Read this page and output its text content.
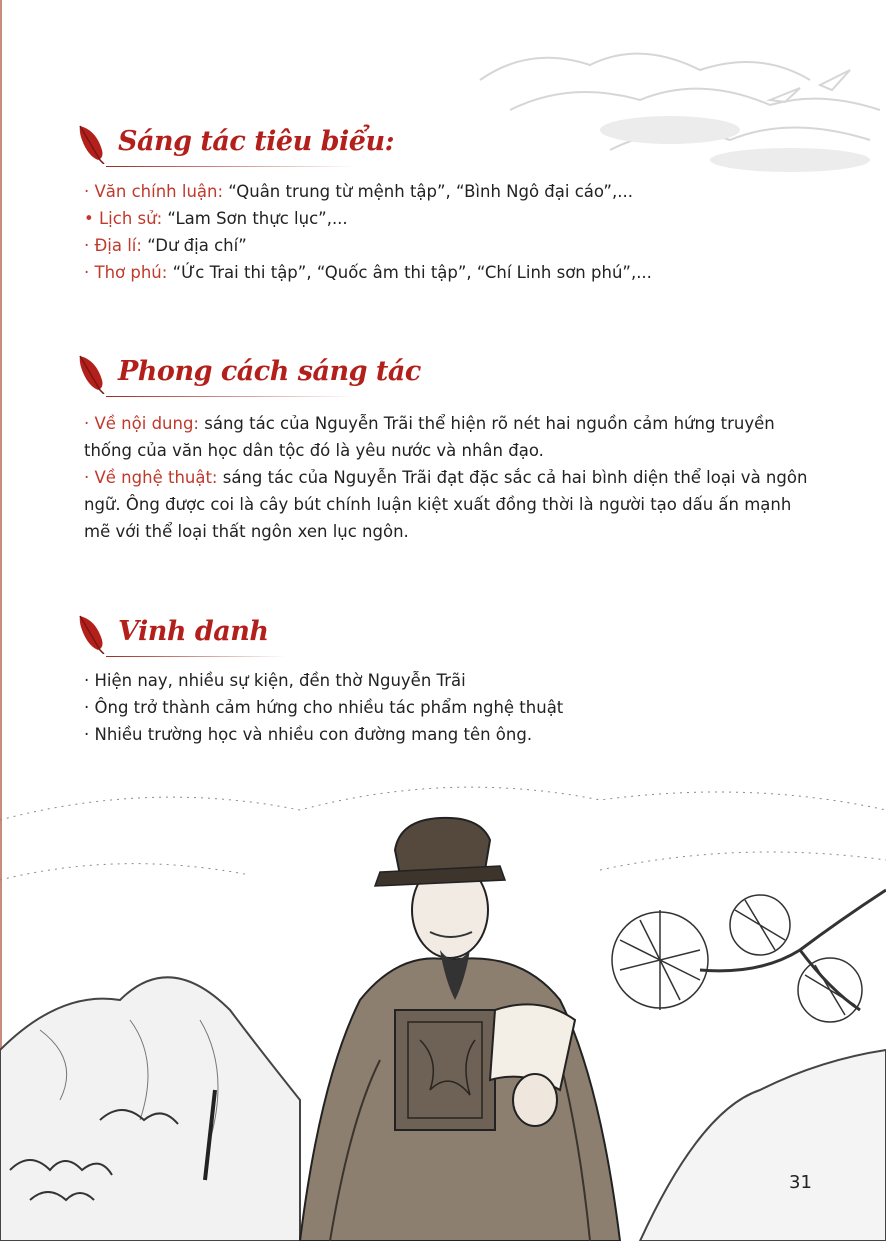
Sáng tác tiêu biểu:

· Văn chính luận: “Quân trung từ mệnh tập”, “Bình Ngô đại cáo”,...

• Lịch sử: “Lam Sơn thực lục”,...

· Địa lí: “Dư địa chí”

· Thơ phú: “Ức Trai thi tập”, “Quốc âm thi tập”, “Chí Linh sơn phú”,...

Phong cách sáng tác

· Về nội dung: sáng tác của Nguyễn Trãi thể hiện rõ nét hai nguồn cảm hứng truyền thống của văn học dân tộc đó là yêu nước và nhân đạo.

· Về nghệ thuật: sáng tác của Nguyễn Trãi đạt đặc sắc cả hai bình diện thể loại và ngôn ngữ. Ông được coi là cây bút chính luận kiệt xuất đồng thời là người tạo dấu ấn mạnh mẽ với thể loại thất ngôn xen lục ngôn.

Vinh danh

· Hiện nay, nhiều sự kiện, đền thờ Nguyễn Trãi

· Ông trở thành cảm hứng cho nhiều tác phẩm nghệ thuật

· Nhiều trường học và nhiều con đường mang tên ông.

31
